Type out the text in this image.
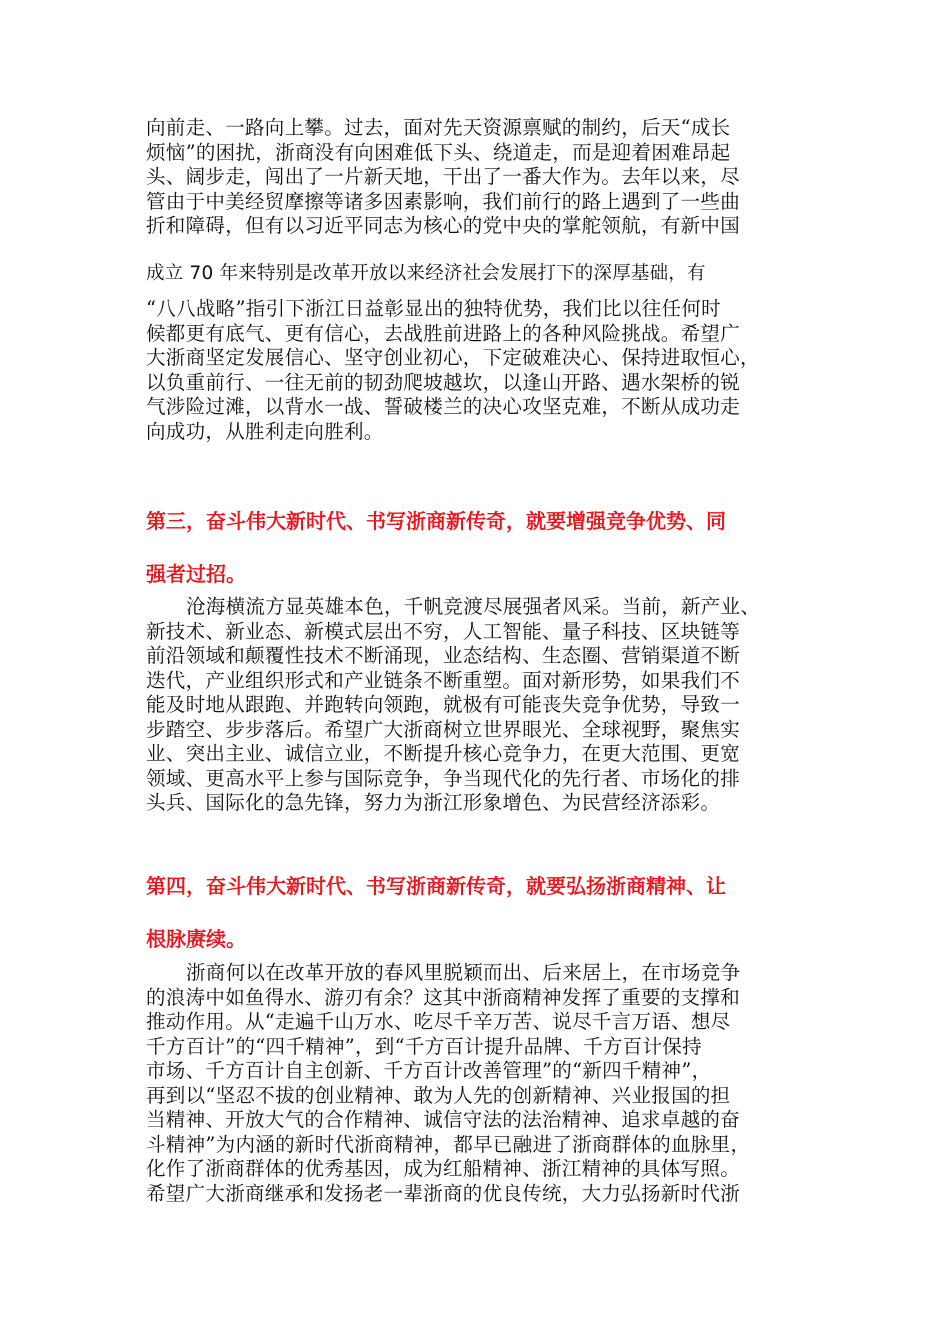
向前走、一路向上攀。过去，面对先天资源禀赋的制约，后天“成长
烦恼”的困扰，浙商没有向困难低下头、绕道走，而是迎着困难昂起
头、阔步走，闯出了一片新天地，干出了一番大作为。去年以来，尽
管由于中美经贸摩擦等诸多因素影响，我们前行的路上遇到了一些曲
折和障碍，但有以习近平同志为核心的党中央的掌舵领航，有新中国
成立 70 年来特别是改革开放以来经济社会发展打下的深厚基础，有
“八八战略”指引下浙江日益彰显出的独特优势，我们比以往任何时
候都更有底气、更有信心，去战胜前进路上的各种风险挑战。希望广
大浙商坚定发展信心、坚守创业初心，下定破难决心、保持进取恒心，
以负重前行、一往无前的韧劲爬坡越坎，以逢山开路、遇水架桥的锐
气涉险过滩，以背水一战、誓破楼兰的决心攻坚克难，不断从成功走
向成功，从胜利走向胜利。
第三，奋斗伟大新时代、书写浙商新传奇，就要增强竞争优势、同
强者过招。
沧海横流方显英雄本色，千帆竞渡尽展强者风采。当前，新产业、
新技术、新业态、新模式层出不穷，人工智能、量子科技、区块链等
前沿领域和颠覆性技术不断涌现，业态结构、生态圈、营销渠道不断
迭代，产业组织形式和产业链条不断重塑。面对新形势，如果我们不
能及时地从跟跑、并跑转向领跑，就极有可能丧失竞争优势，导致一
步踏空、步步落后。希望广大浙商树立世界眼光、全球视野，聚焦实
业、突出主业、诚信立业，不断提升核心竞争力，在更大范围、更宽
领域、更高水平上参与国际竞争，争当现代化的先行者、市场化的排
头兵、国际化的急先锋，努力为浙江形象增色、为民营经济添彩。
第四，奋斗伟大新时代、书写浙商新传奇，就要弘扬浙商精神、让
根脉赓续。
浙商何以在改革开放的春风里脱颖而出、后来居上，在市场竞争
的浪涛中如鱼得水、游刃有余？这其中浙商精神发挥了重要的支撑和
推动作用。从“走遍千山万水、吃尽千辛万苦、说尽千言万语、想尽
千方百计”的“四千精神”，到“千方百计提升品牌、千方百计保持
市场、千方百计自主创新、千方百计改善管理”的“新四千精神”，
再到以“坚忍不拔的创业精神、敢为人先的创新精神、兴业报国的担
当精神、开放大气的合作精神、诚信守法的法治精神、追求卓越的奋
斗精神”为内涵的新时代浙商精神，都早已融进了浙商群体的血脉里，
化作了浙商群体的优秀基因，成为红船精神、浙江精神的具体写照。
希望广大浙商继承和发扬老一辈浙商的优良传统，大力弘扬新时代浙
